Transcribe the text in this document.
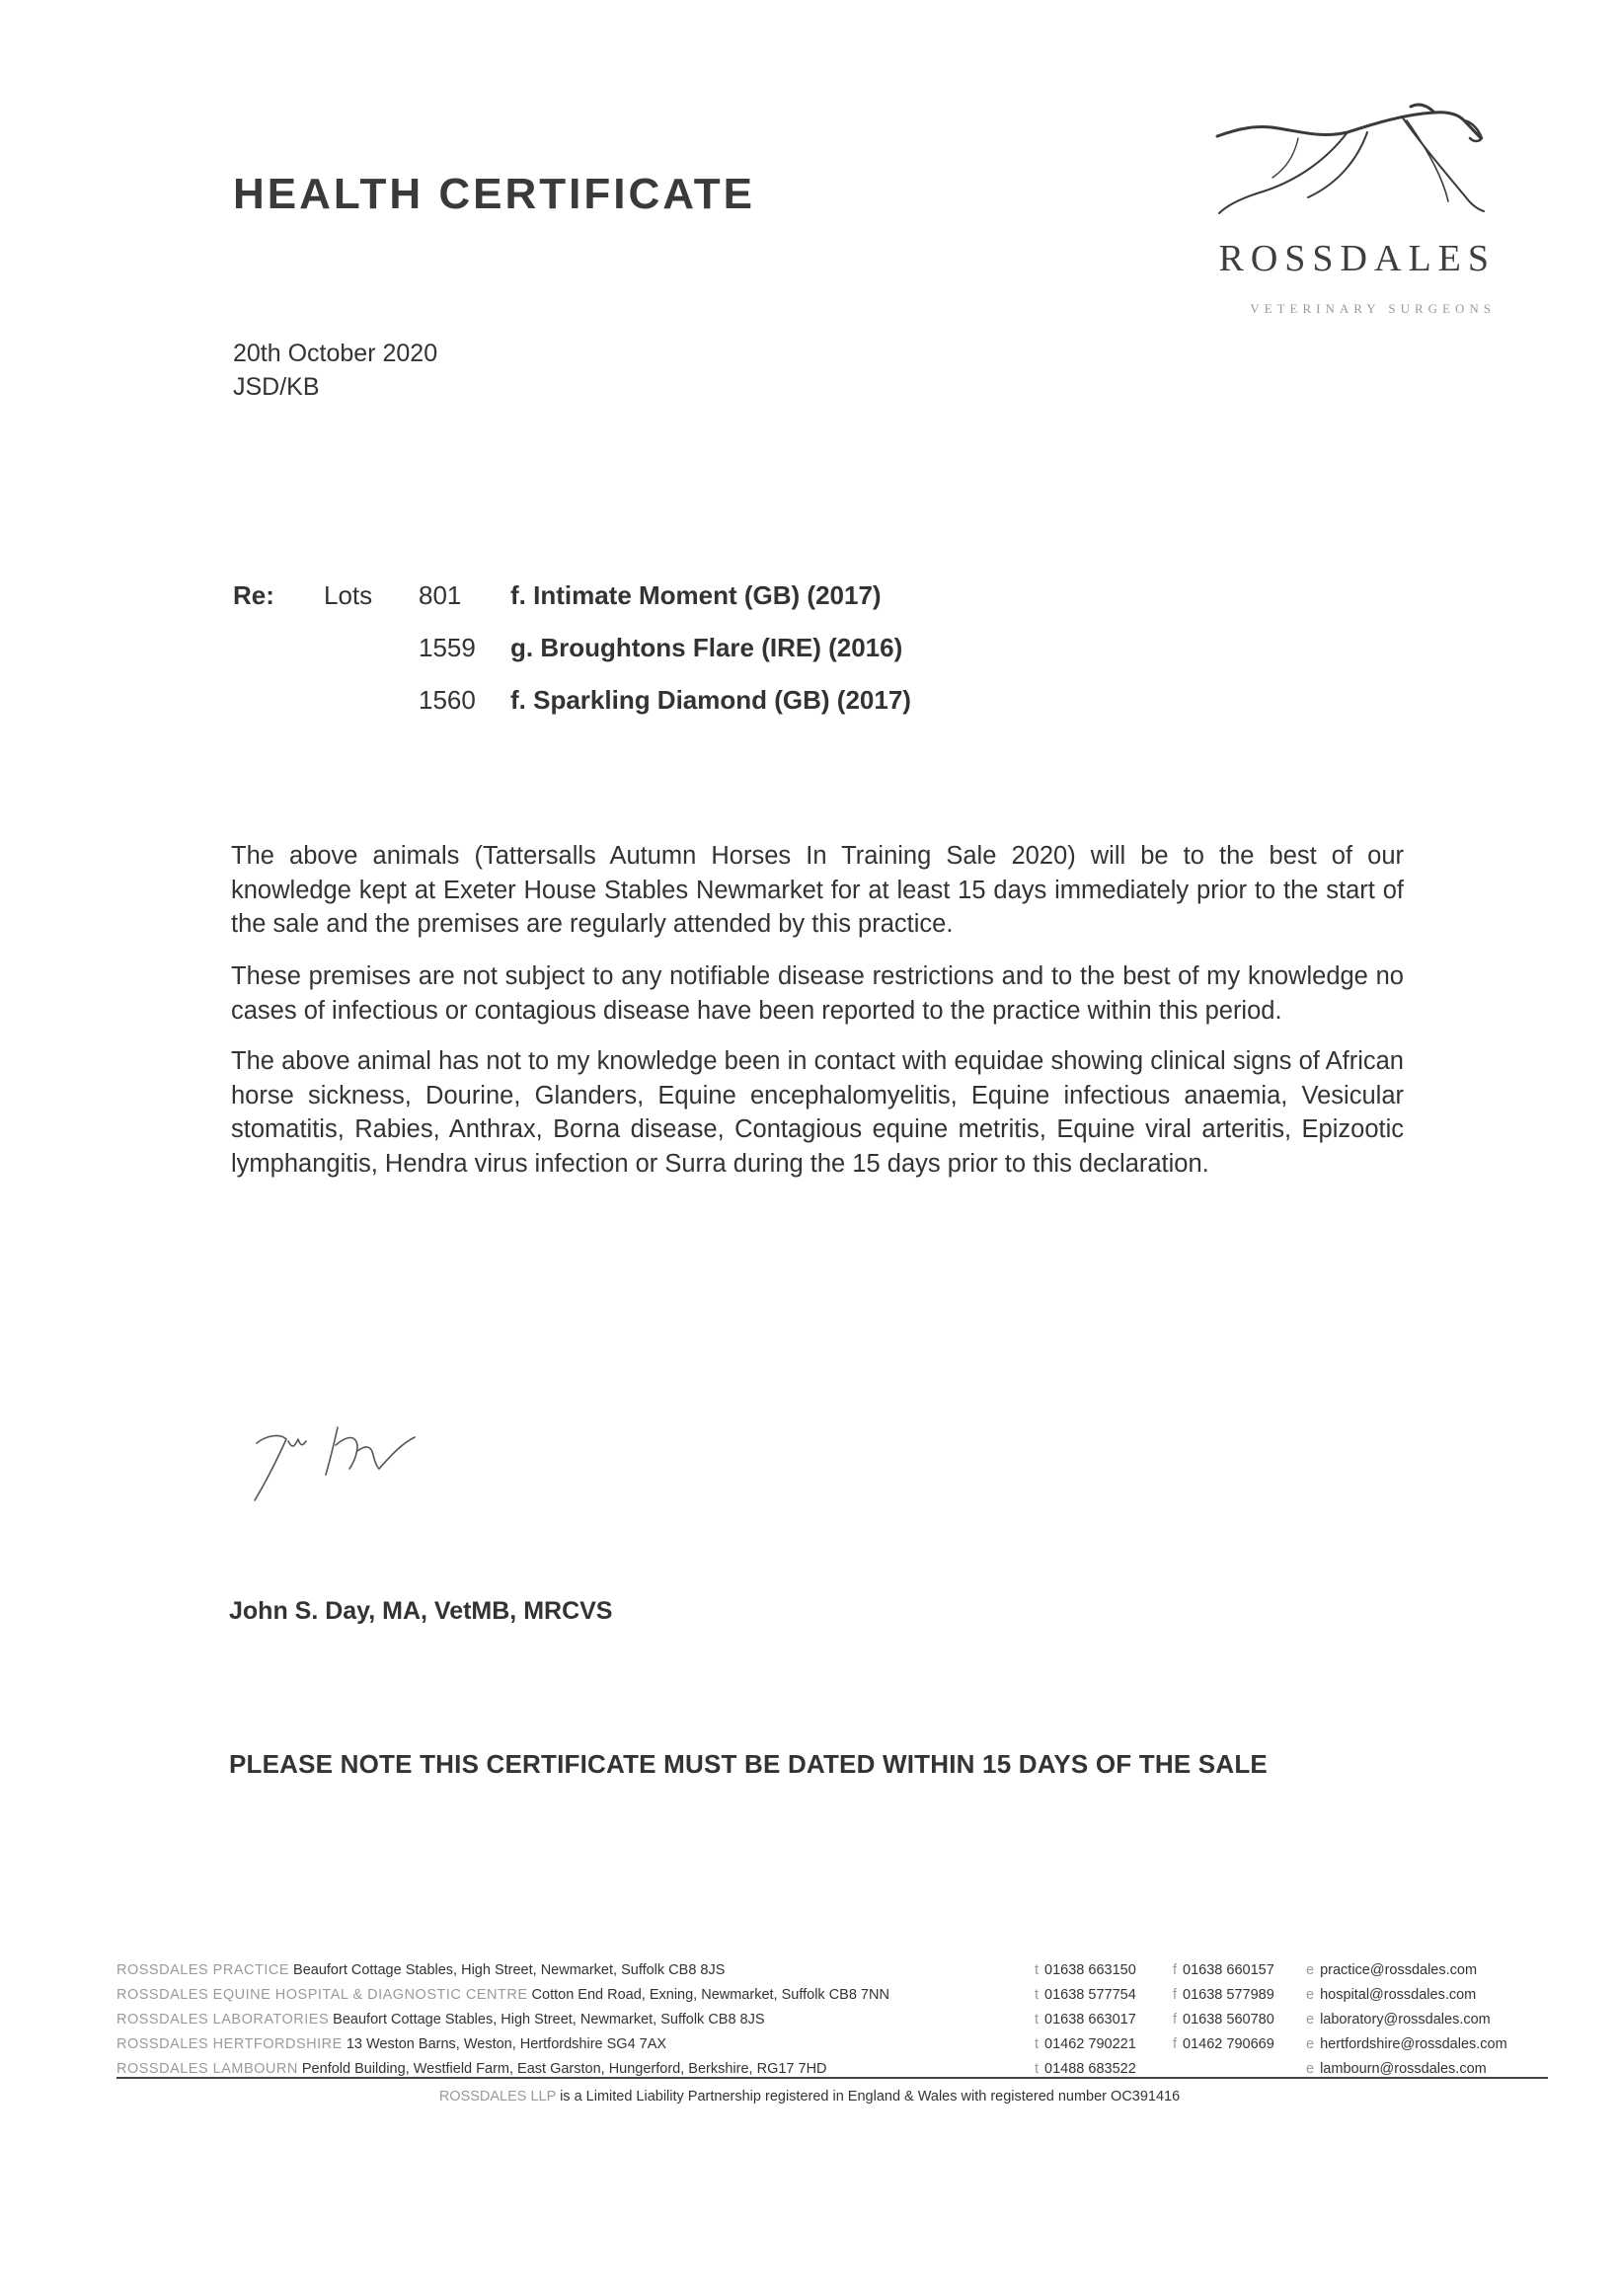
HEALTH CERTIFICATE
ROSSDALES
VETERINARY SURGEONS
20th October 2020
JSD/KB
Re: Lots 801 f. Intimate Moment (GB) (2017)
1559 g. Broughtons Flare (IRE) (2016)
1560 f. Sparkling Diamond (GB) (2017)

The above animals (Tattersalls Autumn Horses In Training Sale 2020) will be to the best of our knowledge kept at Exeter House Stables Newmarket for at least 15 days immediately prior to the start of the sale and the premises are regularly attended by this practice.

These premises are not subject to any notifiable disease restrictions and to the best of my knowledge no cases of infectious or contagious disease have been reported to the practice within this period.

The above animal has not to my knowledge been in contact with equidae showing clinical signs of African horse sickness, Dourine, Glanders, Equine encephalomyelitis, Equine infectious anaemia, Vesicular stomatitis, Rabies, Anthrax, Borna disease, Contagious equine metritis, Equine viral arteritis, Epizootic lymphangitis, Hendra virus infection or Surra during the 15 days prior to this declaration.

John S. Day, MA, VetMB, MRCVS
PLEASE NOTE THIS CERTIFICATE MUST BE DATED WITHIN 15 DAYS OF THE SALE
ROSSDALES PRACTICE Beaufort Cottage Stables, High Street, Newmarket, Suffolk CB8 8JS	t 01638 663150	f 01638 660157 e practice@rossdales.com
ROSSDALES EQUINE HOSPITAL & DIAGNOSTIC CENTRE Cotton End Road, Exning, Newmarket, Suffolk CB8 7NN	t 01638 577754	f 01638 577989 e hospital@rossdales.com
ROSSDALES LABORATORIES Beaufort Cottage Stables, High Street, Newmarket, Suffolk CB8 8JS	t 01638 663017	f 01638 560780 e laboratory@rossdales.com
ROSSDALES HERTFORDSHIRE 13 Weston Barns, Weston, Hertfordshire SG4 7AX	t 01462 790221	f 01462 790669 e hertfordshire@rossdales.com
ROSSDALES LAMBOURN Penfold Building, Westfield Farm, East Garston, Hungerford, Berkshire, RG17 7HD	t 01488 683522	e lambourn@rossdales.com
ROSSDALES LLP is a Limited Liability Partnership registered in England & Wales with registered number OC391416
